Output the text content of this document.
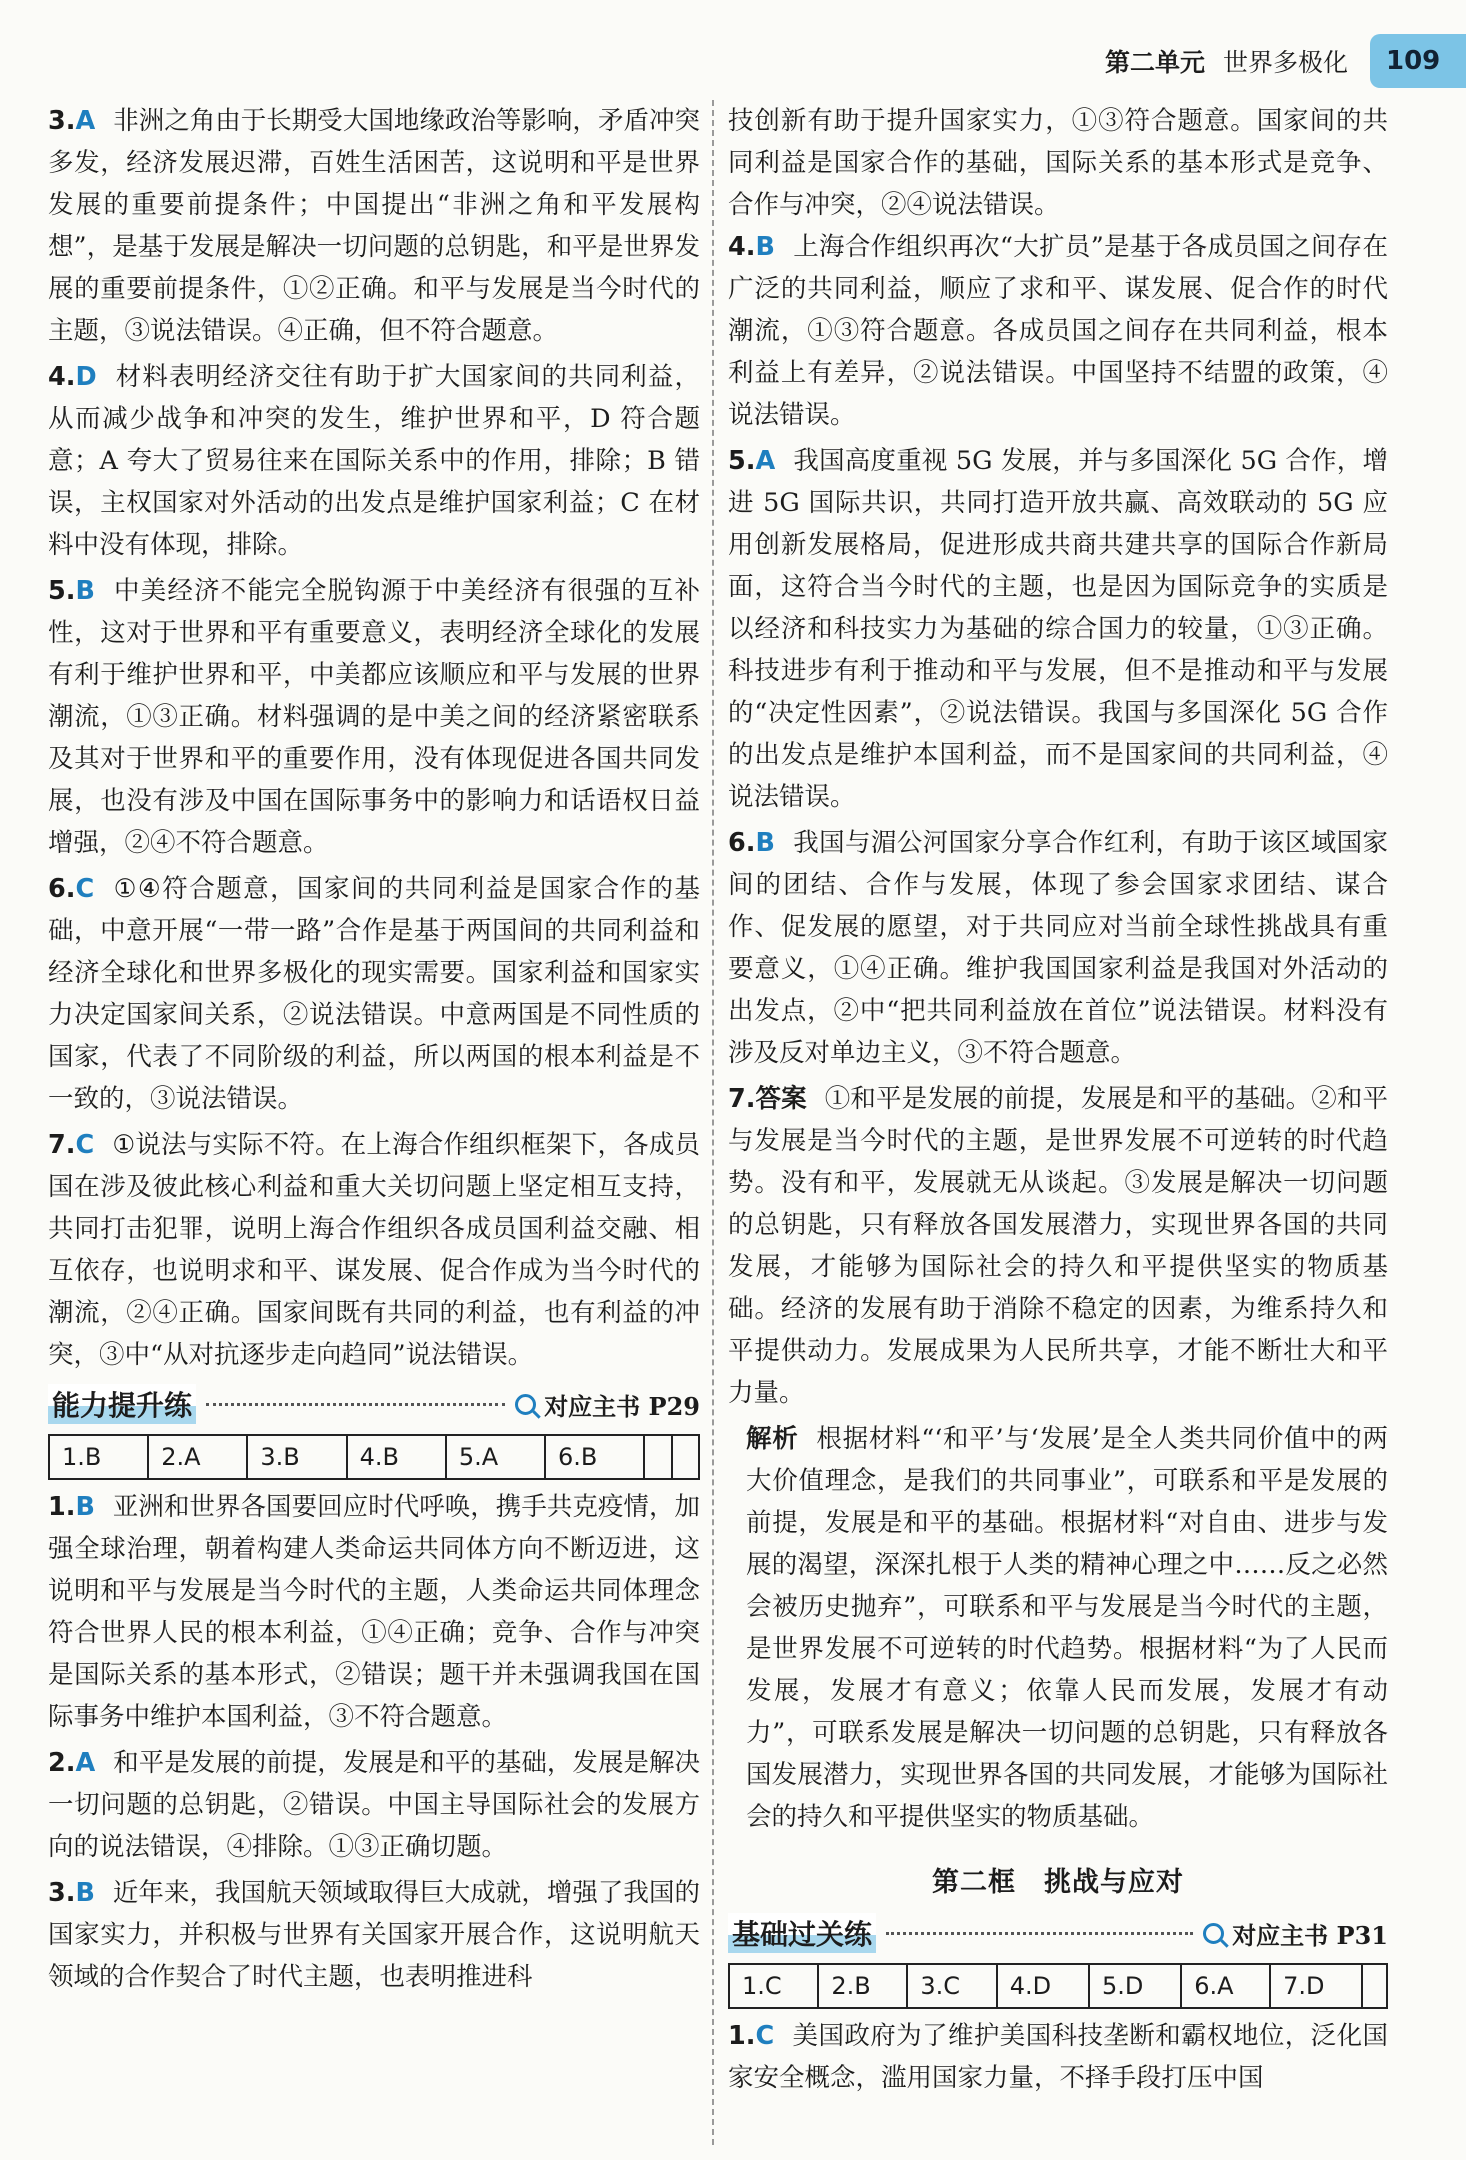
第二单元 世界多极化	109
3.A 非洲之角由于长期受大国地缘政治等影响，矛盾冲突多发，经济发展迟滞，百姓生活困苦，这说明和平是世界发展的重要前提条件；中国提出“非洲之角和平发展构想”，是基于发展是解决一切问题的总钥匙，和平是世界发展的重要前提条件，①②正确。和平与发展是当今时代的主题，③说法错误。④正确，但不符合题意。
4.D 材料表明经济交往有助于扩大国家间的共同利益，从而减少战争和冲突的发生，维护世界和平，D 符合题意；A 夸大了贸易往来在国际关系中的作用，排除；B 错误，主权国家对外活动的出发点是维护国家利益；C 在材料中没有体现，排除。
5.B 中美经济不能完全脱钩源于中美经济有很强的互补性，这对于世界和平有重要意义，表明经济全球化的发展有利于维护世界和平，中美都应该顺应和平与发展的世界潮流，①③正确。材料强调的是中美之间的经济紧密联系及其对于世界和平的重要作用，没有体现促进各国共同发展，也没有涉及中国在国际事务中的影响力和话语权日益增强，②④不符合题意。
6.C ①④符合题意，国家间的共同利益是国家合作的基础，中意开展“一带一路”合作是基于两国间的共同利益和经济全球化和世界多极化的现实需要。国家利益和国家实力决定国家间关系，②说法错误。中意两国是不同性质的国家，代表了不同阶级的利益，所以两国的根本利益是不一致的，③说法错误。
7.C ①说法与实际不符。在上海合作组织框架下，各成员国在涉及彼此核心利益和重大关切问题上坚定相互支持，共同打击犯罪，说明上海合作组织各成员国利益交融、相互依存，也说明求和平、谋发展、促合作成为当今时代的潮流，②④正确。国家间既有共同的利益，也有利益的冲突，③中“从对抗逐步走向趋同”说法错误。
能力提升练	对应主书 P29
1.B	2.A	3.B	4.B	5.A	6.B		
1.B 亚洲和世界各国要回应时代呼唤，携手共克疫情，加强全球治理，朝着构建人类命运共同体方向不断迈进，这说明和平与发展是当今时代的主题，人类命运共同体理念符合世界人民的根本利益，①④正确；竞争、合作与冲突是国际关系的基本形式，②错误；题干并未强调我国在国际事务中维护本国利益，③不符合题意。
2.A 和平是发展的前提，发展是和平的基础，发展是解决一切问题的总钥匙，②错误。中国主导国际社会的发展方向的说法错误，④排除。①③正确切题。
3.B 近年来，我国航天领域取得巨大成就，增强了我国的国家实力，并积极与世界有关国家开展合作，这说明航天领域的合作契合了时代主题，也表明推进科
技创新有助于提升国家实力，①③符合题意。国家间的共同利益是国家合作的基础，国际关系的基本形式是竞争、合作与冲突，②④说法错误。
4.B 上海合作组织再次“大扩员”是基于各成员国之间存在广泛的共同利益，顺应了求和平、谋发展、促合作的时代潮流，①③符合题意。各成员国之间存在共同利益，根本利益上有差异，②说法错误。中国坚持不结盟的政策，④说法错误。
5.A 我国高度重视 5G 发展，并与多国深化 5G 合作，增进 5G 国际共识，共同打造开放共赢、高效联动的 5G 应用创新发展格局，促进形成共商共建共享的国际合作新局面，这符合当今时代的主题，也是因为国际竞争的实质是以经济和科技实力为基础的综合国力的较量，①③正确。科技进步有利于推动和平与发展，但不是推动和平与发展的“决定性因素”，②说法错误。我国与多国深化 5G 合作的出发点是维护本国利益，而不是国家间的共同利益，④说法错误。
6.B 我国与湄公河国家分享合作红利，有助于该区域国家间的团结、合作与发展，体现了参会国家求团结、谋合作、促发展的愿望，对于共同应对当前全球性挑战具有重要意义，①④正确。维护我国国家利益是我国对外活动的出发点，②中“把共同利益放在首位”说法错误。材料没有涉及反对单边主义，③不符合题意。
7.答案 ①和平是发展的前提，发展是和平的基础。②和平与发展是当今时代的主题，是世界发展不可逆转的时代趋势。没有和平，发展就无从谈起。③发展是解决一切问题的总钥匙，只有释放各国发展潜力，实现世界各国的共同发展，才能够为国际社会的持久和平提供坚实的物质基础。经济的发展有助于消除不稳定的因素，为维系持久和平提供动力。发展成果为人民所共享，才能不断壮大和平力量。
解析 根据材料“‘和平’与‘发展’是全人类共同价值中的两大价值理念，是我们的共同事业”，可联系和平是发展的前提，发展是和平的基础。根据材料“对自由、进步与发展的渴望，深深扎根于人类的精神心理之中……反之必然会被历史抛弃”，可联系和平与发展是当今时代的主题，是世界发展不可逆转的时代趋势。根据材料“为了人民而发展，发展才有意义；依靠人民而发展，发展才有动力”，可联系发展是解决一切问题的总钥匙，只有释放各国发展潜力，实现世界各国的共同发展，才能够为国际社会的持久和平提供坚实的物质基础。
第二框 挑战与应对
基础过关练	对应主书 P31
1.C	2.B	3.C	4.D	5.D	6.A	7.D	
1.C 美国政府为了维护美国科技垄断和霸权地位，泛化国家安全概念，滥用国家力量，不择手段打压中国
